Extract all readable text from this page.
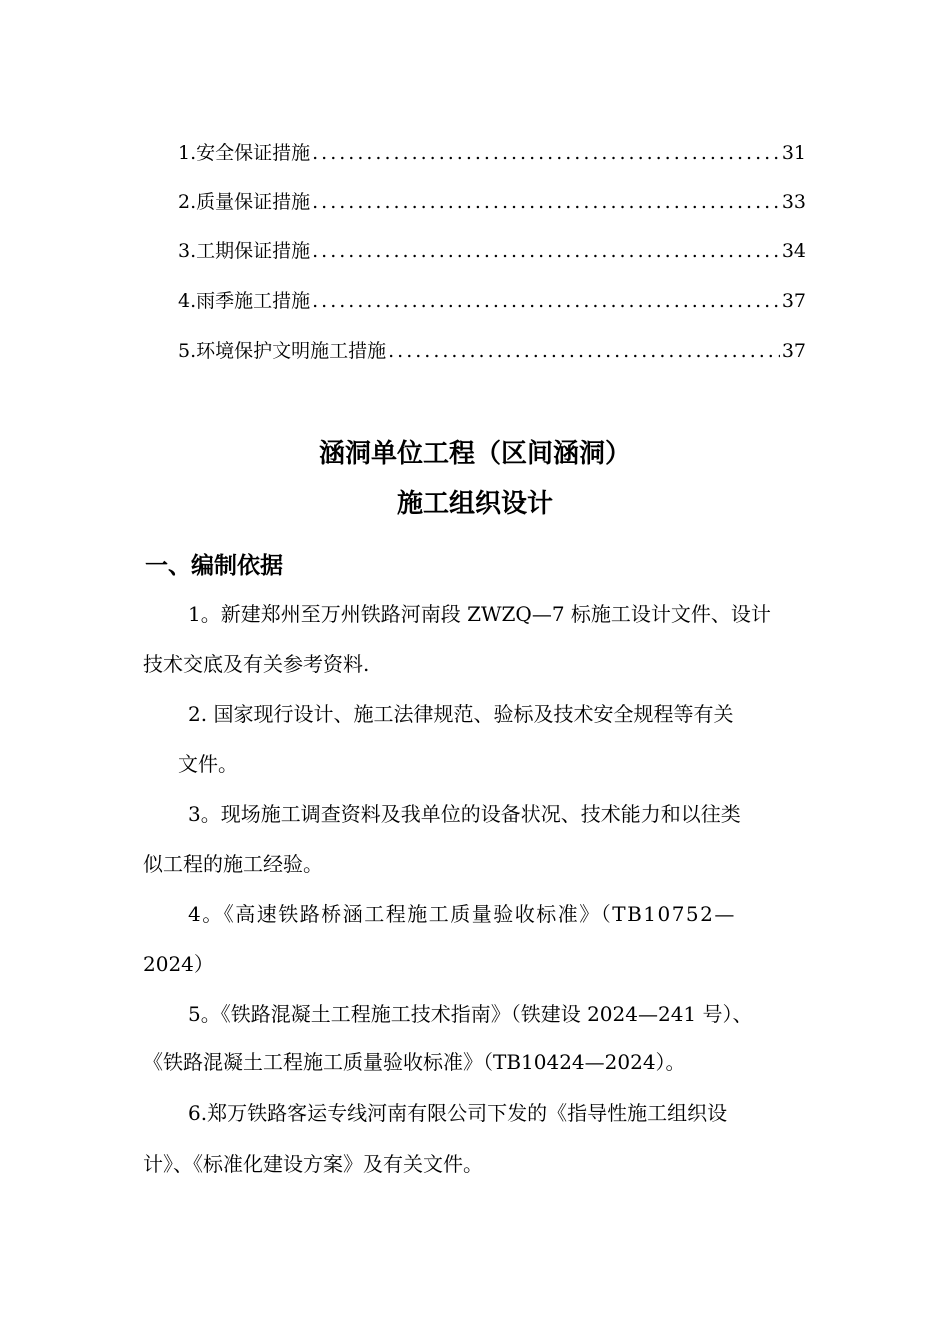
1.安全保证措施 .....	31
2.质量保证措施 .....	33
3.工期保证措施 .....	34
4.雨季施工措施 .....	37
5.环境保护文明施工措施 .....	37
涵洞单位工程（区间涵洞）
施工组织设计
一、编制依据
1。新建郑州至万州铁路河南段 ZWZQ—7 标施工设计文件、设计
技术交底及有关参考资料.
2. 国家现行设计、施工法律规范、验标及技术安全规程等有关
文件。
3。现场施工调查资料及我单位的设备状况、技术能力和以往类
似工程的施工经验。
4。《高速铁路桥涵工程施工质量验收标准》（TB10752—
2024）
5。《铁路混凝土工程施工技术指南》（铁建设 2024—241 号）、
《铁路混凝土工程施工质量验收标准》（TB10424—2024）。
6.郑万铁路客运专线河南有限公司下发的《指导性施工组织设
计》、《标准化建设方案》及有关文件。
